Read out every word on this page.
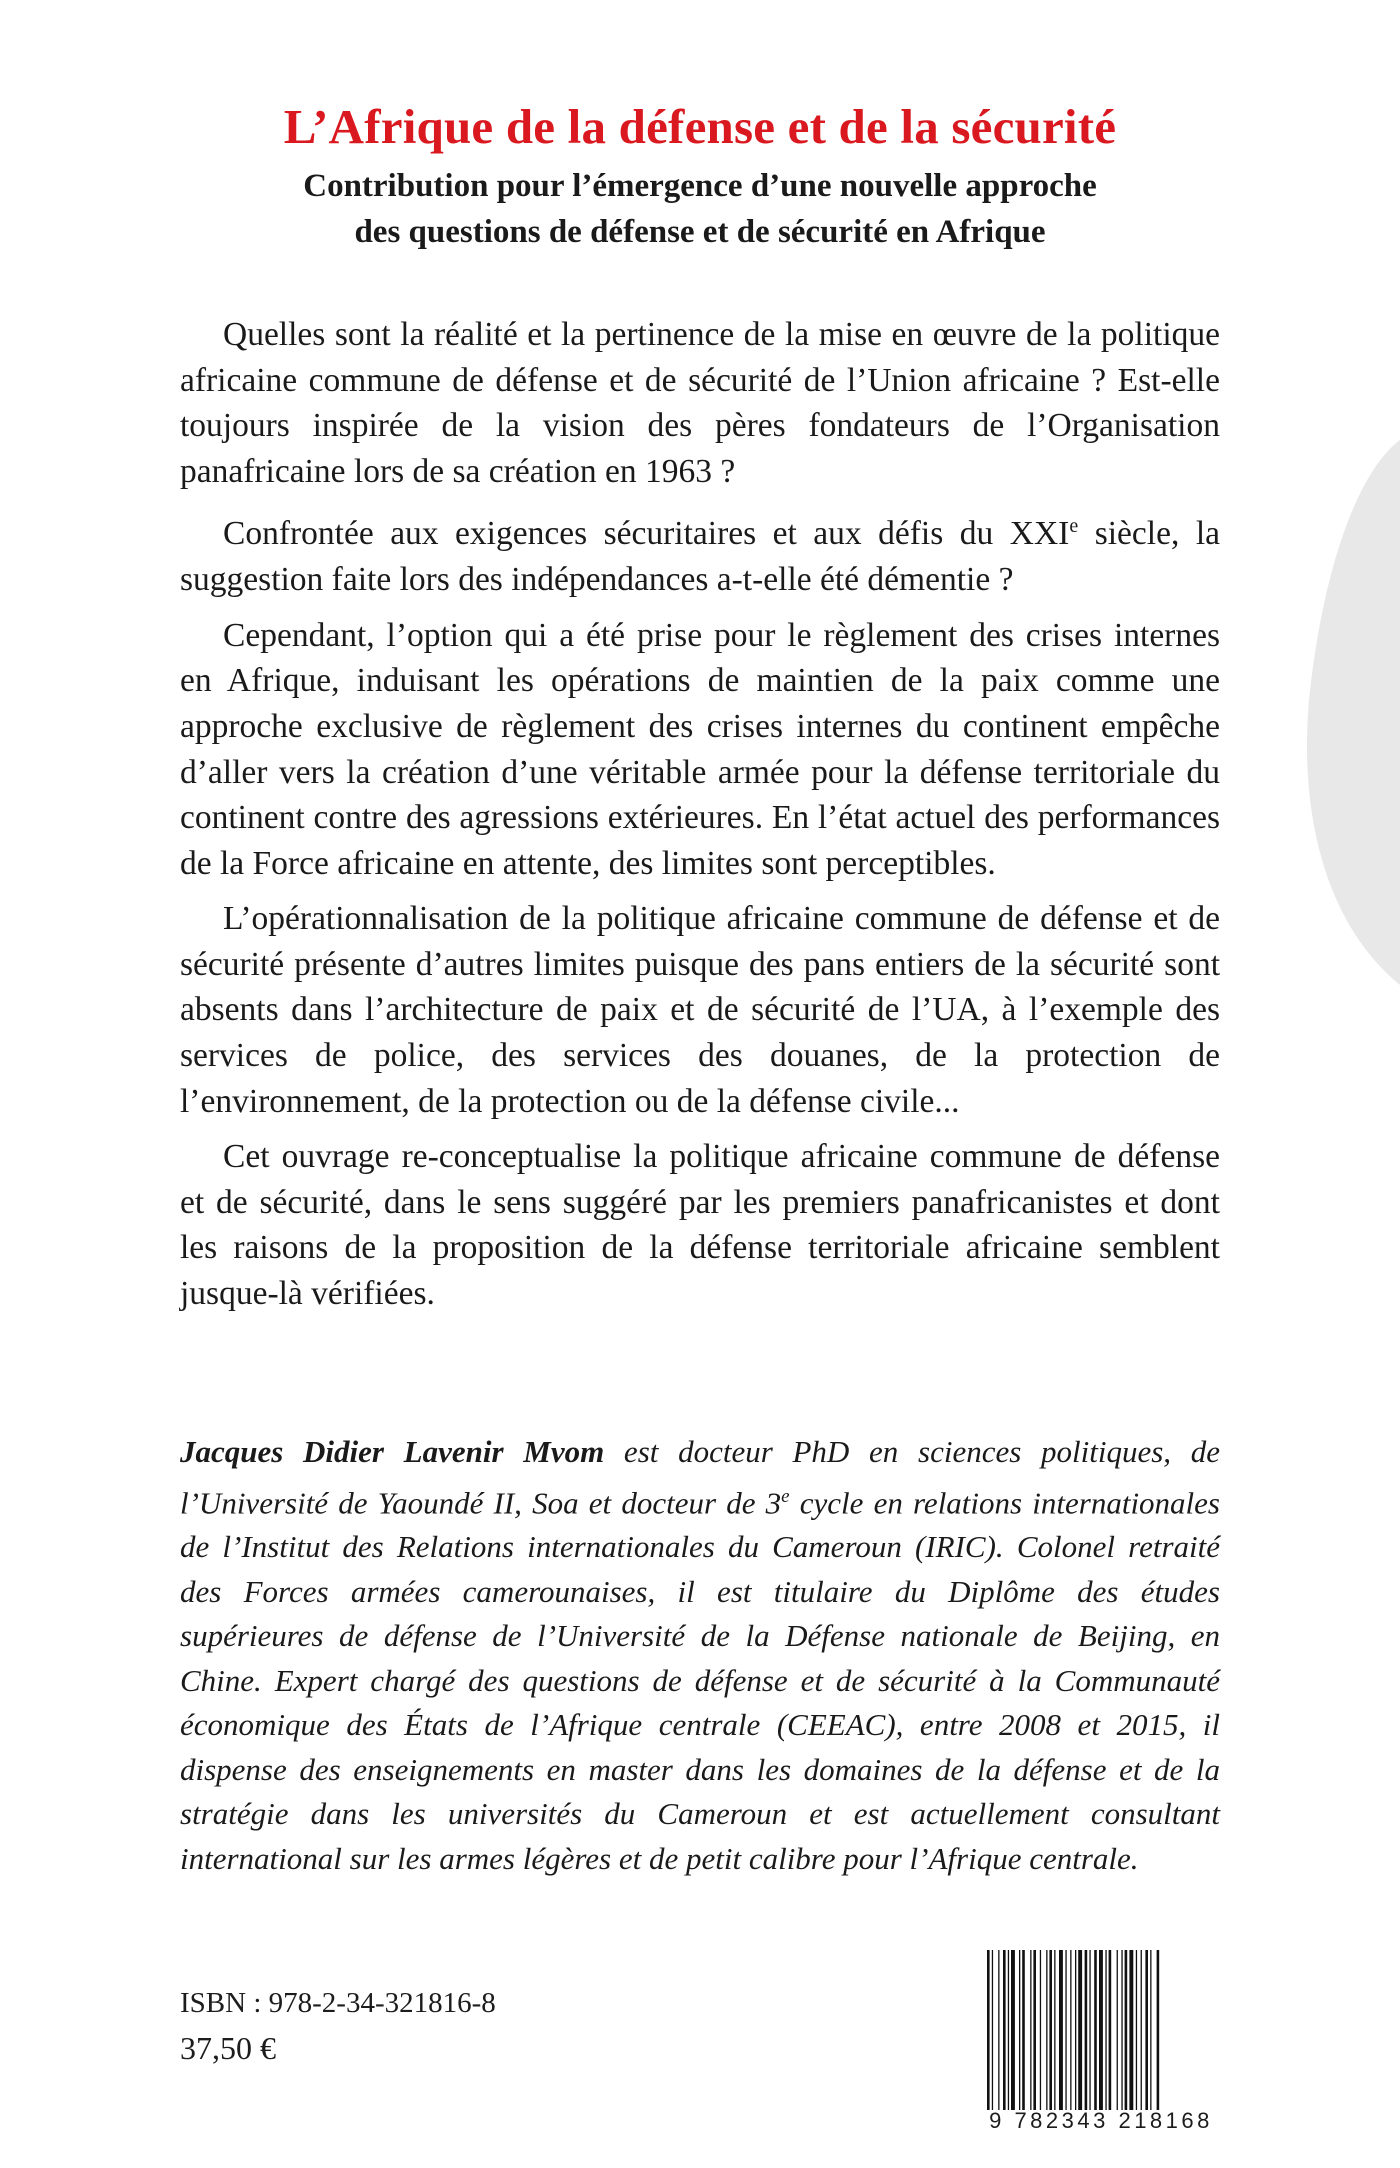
L’Afrique de la défense et de la sécurité
Contribution pour l’émergence d’une nouvelle approche
des questions de défense et de sécurité en Afrique

Quelles sont la réalité et la pertinence de la mise en œuvre de la politique africaine commune de défense et de sécurité de l’Union africaine ? Est-elle toujours inspirée de la vision des pères fondateurs de l’Organisation panafricaine lors de sa création en 1963 ?

Confrontée aux exigences sécuritaires et aux défis du XXIe siècle, la suggestion faite lors des indépendances a-t-elle été démentie ?

Cependant, l’option qui a été prise pour le règlement des crises internes en Afrique, induisant les opérations de maintien de la paix comme une approche exclusive de règlement des crises internes du continent empêche d’aller vers la création d’une véritable armée pour la défense territoriale du continent contre des agressions extérieures. En l’état actuel des performances de la Force africaine en attente, des limites sont perceptibles.

L’opérationnalisation de la politique africaine commune de défense et de sécurité présente d’autres limites puisque des pans entiers de la sécurité sont absents dans l’architecture de paix et de sécurité de l’UA, à l’exemple des services de police, des services des douanes, de la protection de l’environnement, de la protection ou de la défense civile...

Cet ouvrage re-conceptualise la politique africaine commune de défense et de sécurité, dans le sens suggéré par les premiers panafricanistes et dont les raisons de la proposition de la défense territoriale africaine semblent jusque-là vérifiées.

Jacques Didier Lavenir Mvom est docteur PhD en sciences politiques, de l’Université de Yaoundé II, Soa et docteur de 3e cycle en relations internationales de l’Institut des Relations internationales du Cameroun (IRIC). Colonel retraité des Forces armées camerounaises, il est titulaire du Diplôme des études supérieures de défense de l’Université de la Défense nationale de Beijing, en Chine. Expert chargé des questions de défense et de sécurité à la Communauté économique des États de l’Afrique centrale (CEEAC), entre 2008 et 2015, il dispense des enseignements en master dans les domaines de la défense et de la stratégie dans les universités du Cameroun et est actuellement consultant international sur les armes légères et de petit calibre pour l’Afrique centrale.

ISBN : 978-2-34-321816-8

37,50 €

9 782343 218168
